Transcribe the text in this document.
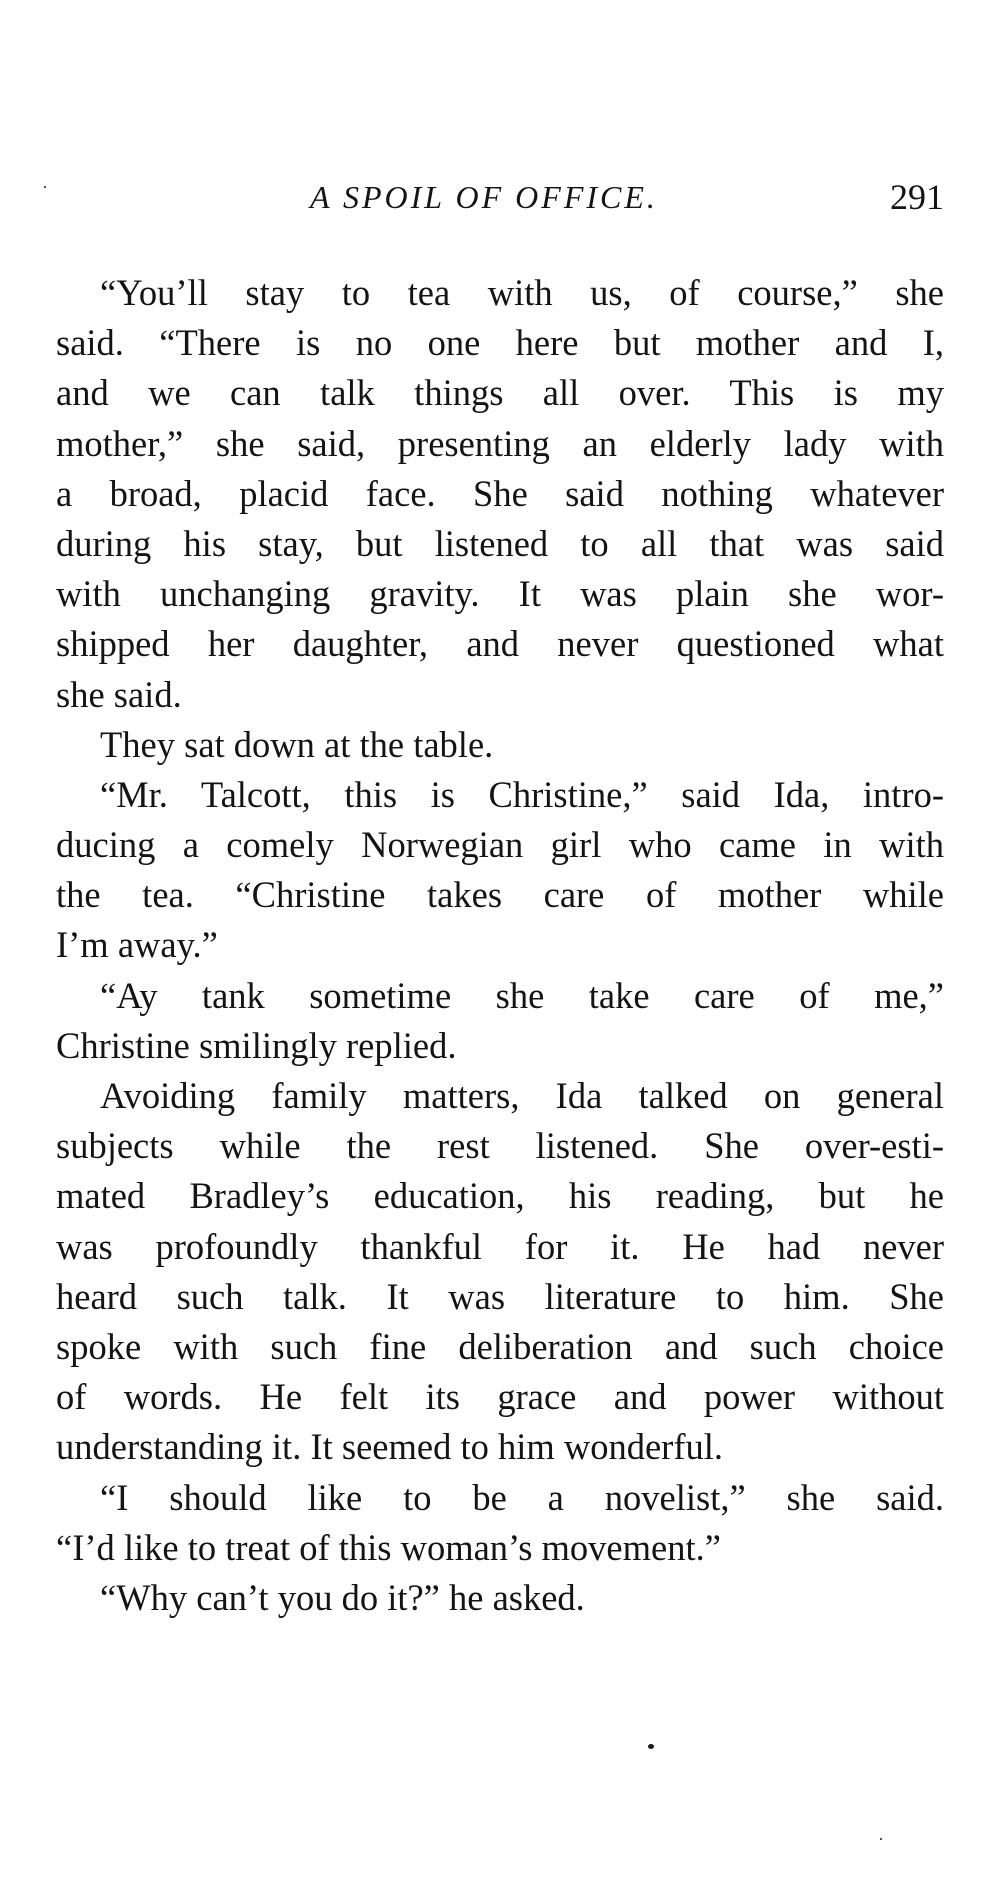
A SPOIL OF OFFICE.	291
“You’ll stay to tea with us, of course,” she
said. “There is no one here but mother and I,
and we can talk things all over. This is my
mother,” she said, presenting an elderly lady with
a broad, placid face. She said nothing whatever
during his stay, but listened to all that was said
with unchanging gravity. It was plain she wor-
shipped her daughter, and never questioned what
she said.
They sat down at the table.
“Mr. Talcott, this is Christine,” said Ida, intro-
ducing a comely Norwegian girl who came in with
the tea. “Christine takes care of mother while
I’m away.”
“Ay tank sometime she take care of me,”
Christine smilingly replied.
Avoiding family matters, Ida talked on general
subjects while the rest listened. She over-esti-
mated Bradley’s education, his reading, but he
was profoundly thankful for it. He had never
heard such talk. It was literature to him. She
spoke with such fine deliberation and such choice
of words. He felt its grace and power without
understanding it. It seemed to him wonderful.
“I should like to be a novelist,” she said.
“I’d like to treat of this woman’s movement.”
“Why can’t you do it?” he asked.
